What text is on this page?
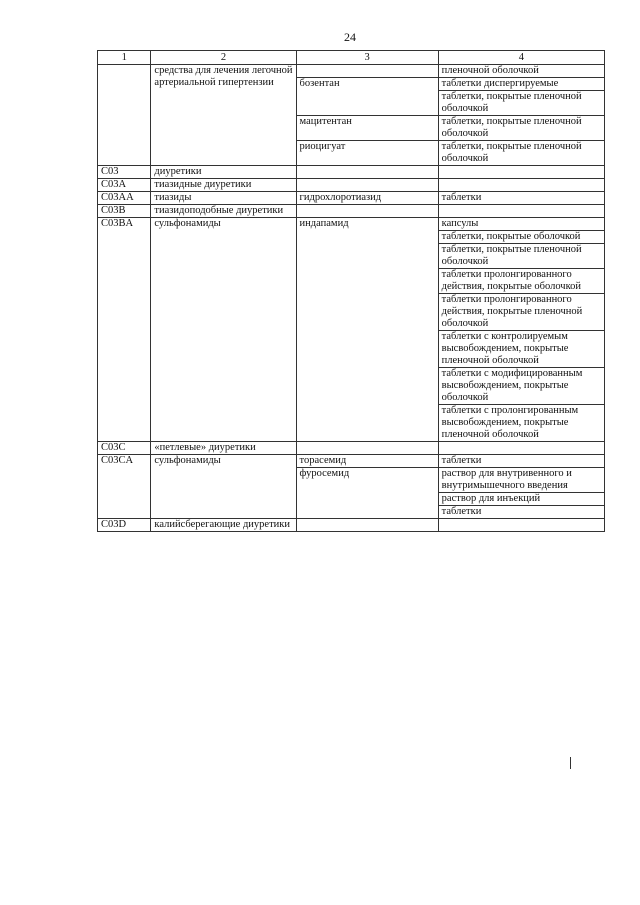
24
1	2	3	4
	средства для лечения легочной артериальной гипертензии		пленочной оболочкой
		бозентан	таблетки диспергируемые
			таблетки, покрытые пленочной оболочкой
		мацитентан	таблетки, покрытые пленочной оболочкой
		риоцигуат	таблетки, покрытые пленочной оболочкой
C03	диуретики		
C03A	тиазидные диуретики		
C03AA	тиазиды	гидрохлоротиазид	таблетки
C03B	тиазидоподобные диуретики		
C03BA	сульфонамиды	индапамид	капсулы
			таблетки, покрытые оболочкой
			таблетки, покрытые пленочной оболочкой
			таблетки пролонгированного действия, покрытые оболочкой
			таблетки пролонгированного действия, покрытые пленочной оболочкой
			таблетки с контролируемым высвобождением, покрытые пленочной оболочкой
			таблетки с модифицированным высвобождением, покрытые оболочкой
			таблетки с пролонгированным высвобождением, покрытые пленочной оболочкой
C03C	«петлевые» диуретики		
C03CA	сульфонамиды	торасемид	таблетки
		фуросемид	раствор для внутривенного и внутримышечного введения
			раствор для инъекций
			таблетки
C03D	калийсберегающие диуретики		
